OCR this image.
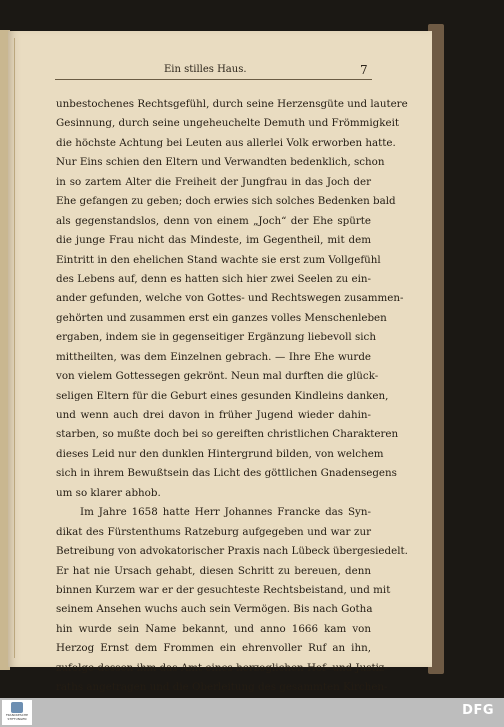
Ein stilles Haus.	7
unbestochenes Rechtsgefühl, durch seine Herzensgüte und lautere
Gesinnung, durch seine ungeheuchelte Demuth und Frömmigkeit
die höchste Achtung bei Leuten aus allerlei Volk erworben hatte.
Nur Eins schien den Eltern und Verwandten bedenklich, schon
in so zartem Alter die Freiheit der Jungfrau in das Joch der
Ehe gefangen zu geben; doch erwies sich solches Bedenken bald
als gegenstandslos, denn von einem „Joch“ der Ehe spürte
die junge Frau nicht das Mindeste, im Gegentheil, mit dem
Eintritt in den ehelichen Stand wachte sie erst zum Vollgefühl
des Lebens auf, denn es hatten sich hier zwei Seelen zu ein-
ander gefunden, welche von Gottes- und Rechtswegen zusammen-
gehörten und zusammen erst ein ganzes volles Menschenleben
ergaben, indem sie in gegenseitiger Ergänzung liebevoll sich
mittheilten, was dem Einzelnen gebrach. — Ihre Ehe wurde
von vielem Gottessegen gekrönt. Neun mal durften die glück-
seligen Eltern für die Geburt eines gesunden Kindleins danken,
und wenn auch drei davon in früher Jugend wieder dahin-
starben, so mußte doch bei so gereiften christlichen Charakteren
dieses Leid nur den dunklen Hintergrund bilden, von welchem
sich in ihrem Bewußtsein das Licht des göttlichen Gnadensegens
um so klarer abhob.
Im Jahre 1658 hatte Herr Johannes Francke das Syn-
dikat des Fürstenthums Ratzeburg aufgegeben und war zur
Betreibung von advokatorischer Praxis nach Lübeck übergesiedelt.
Er hat nie Ursach gehabt, diesen Schritt zu bereuen, denn
binnen Kurzem war er der gesuchteste Rechtsbeistand, und mit
seinem Ansehen wuchs auch sein Vermögen. Bis nach Gotha
hin wurde sein Name bekannt, und anno 1666 kam von
Herzog Ernst dem Frommen ein ehrenvoller Ruf an ihn,
zufolge dessen ihm das Amt eines herzoglichen Hof- und Justiz-
raths angetragen und die Oberleitung des gesammten Kirchen-
FRANCKESCHE STIFTUNGEN
DFG
